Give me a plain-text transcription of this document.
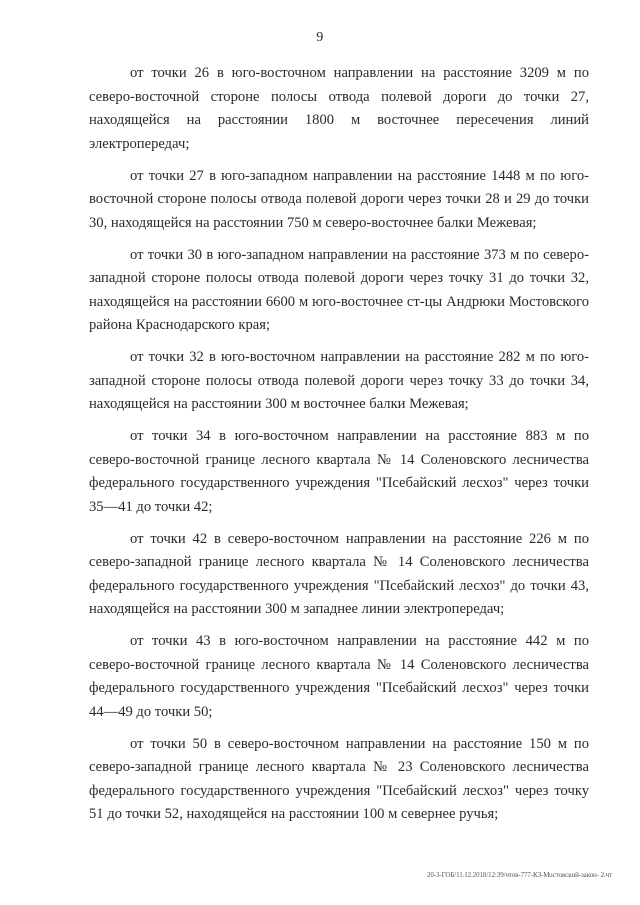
9

от точки 26 в юго-восточном направлении на расстояние 3209 м по северо-восточной стороне полосы отвода полевой дороги до точки 27, находящейся на расстоянии 1800 м восточнее пересечения линий электропередач;

от точки 27 в юго-западном направлении на расстояние 1448 м по юго-восточной стороне полосы отвода полевой дороги через точки 28 и 29 до точки 30, находящейся на расстоянии 750 м северо-восточнее балки Межевая;

от точки 30 в юго-западном направлении на расстояние 373 м по северо-западной стороне полосы отвода полевой дороги через точку 31 до точки 32, находящейся на расстоянии 6600 м юго-восточнее ст-цы Андрюки Мостовского района Краснодарского края;

от точки 32 в юго-восточном направлении на расстояние 282 м по юго-западной стороне полосы отвода полевой дороги через точку 33 до точки 34, находящейся на расстоянии 300 м восточнее балки Межевая;

от точки 34 в юго-восточном направлении на расстояние 883 м по северо-восточной границе лесного квартала № 14 Соленовского лесничества федерального государственного учреждения "Псебайский лесхоз" через точки 35—41 до точки 42;

от точки 42 в северо-восточном направлении на расстояние 226 м по северо-западной границе лесного квартала № 14 Соленовского лесничества федерального государственного учреждения "Псебайский лесхоз" до точки 43, находящейся на расстоянии 300 м западнее линии электропередач;

от точки 43 в юго-восточном направлении на расстояние 442 м по северо-восточной границе лесного квартала № 14 Соленовского лесничества федерального государственного учреждения "Псебайский лесхоз" через точки 44—49 до точки 50;

от точки 50 в северо-восточном направлении на расстояние 150 м по северо-западной границе лесного квартала № 23 Соленовского лесничества федерального государственного учреждения "Псебайский лесхоз" через точку 51 до точки 52, находящейся на расстоянии 100 м севернее ручья;

20-3-ГОБ/11.12.2018/12:39/чтов-777-КЗ-Мостовский-закон- 2.чт
